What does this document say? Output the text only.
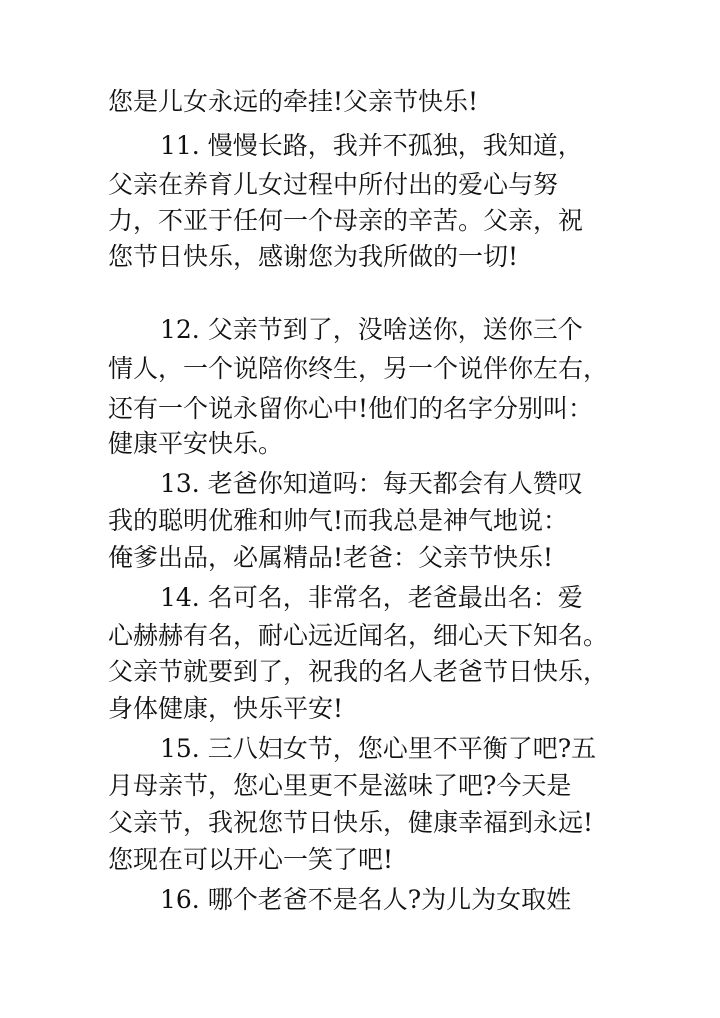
您是儿女永远的牵挂!父亲节快乐!
11. 慢慢长路，我并不孤独，我知道，
父亲在养育儿女过程中所付出的爱心与努
力，不亚于任何一个母亲的辛苦。父亲，祝
您节日快乐，感谢您为我所做的一切!
12. 父亲节到了，没啥送你，送你三个
情人，一个说陪你终生，另一个说伴你左右，
还有一个说永留你心中!他们的名字分别叫：
健康平安快乐。
13. 老爸你知道吗：每天都会有人赞叹
我的聪明优雅和帅气!而我总是神气地说：
俺爹出品，必属精品!老爸：父亲节快乐!
14. 名可名，非常名，老爸最出名：爱
心赫赫有名，耐心远近闻名，细心天下知名。
父亲节就要到了，祝我的名人老爸节日快乐，
身体健康，快乐平安!
15. 三八妇女节，您心里不平衡了吧?五
月母亲节，您心里更不是滋味了吧?今天是
父亲节，我祝您节日快乐，健康幸福到永远!
您现在可以开心一笑了吧!
16. 哪个老爸不是名人?为儿为女取姓
